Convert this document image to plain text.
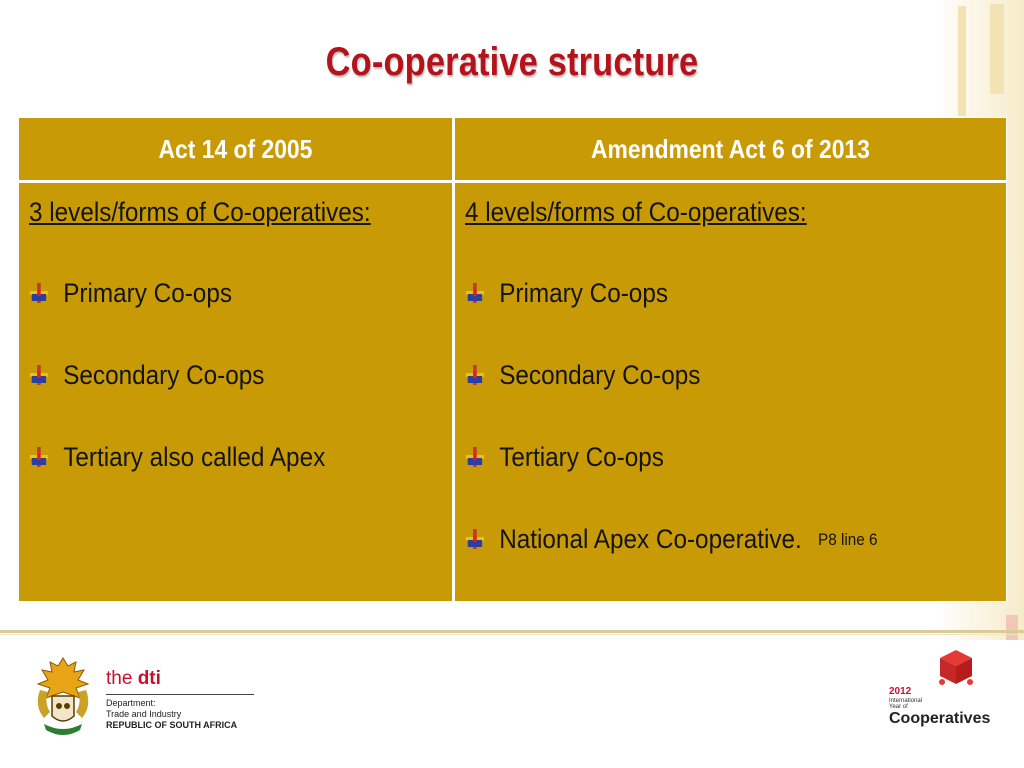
Co-operative structure
Act 14 of 2005	Amendment Act 6 of 2013
3 levels/forms of Co-operatives:
Primary Co-ops
Secondary Co-ops
Tertiary also called Apex
4 levels/forms of Co-operatives:
Primary Co-ops
Secondary Co-ops
Tertiary Co-ops
National Apex Co-operative. P8 line 6
the dti
Department:
Trade and Industry
REPUBLIC OF SOUTH AFRICA
2012
International
Year of
Cooperatives
